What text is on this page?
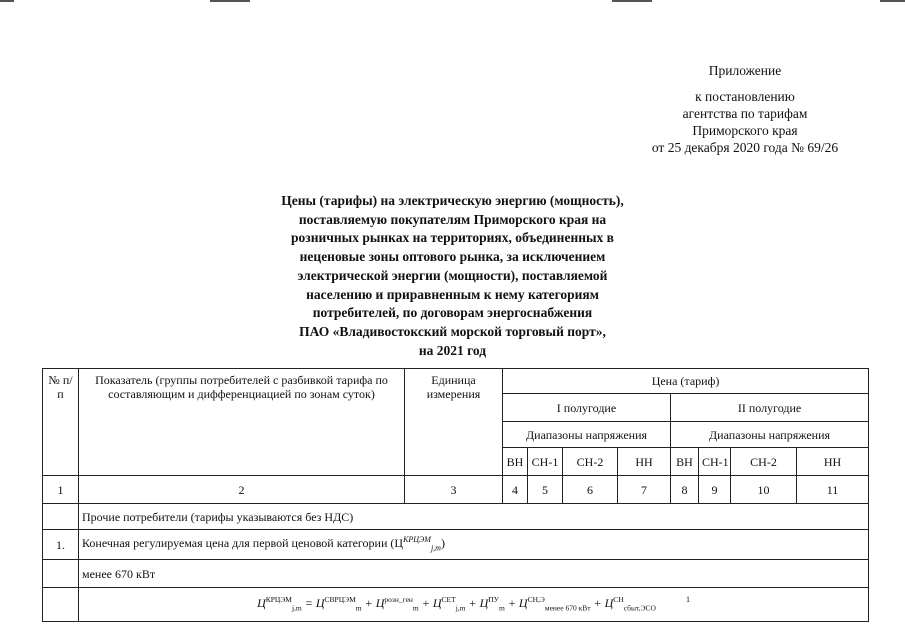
Приложение
к постановлению
агентства по тарифам
Приморского края
от 25 декабря 2020 года № 69/26
Цены (тарифы) на электрическую энергию (мощность),
поставляемую покупателям Приморского края на
розничных рынках на территориях, объединенных в
неценовые зоны оптового рынка, за исключением
электрической энергии (мощности), поставляемой
населению и приравненным к нему категориям
потребителей, по договорам энергоснабжения
ПАО «Владивостокский морской торговый порт»,
на 2021 год
№ п/п	Показатель (группы потребителей с разбивкой тарифа по составляющим и дифференциацией по зонам суток)	Единица измерения	Цена (тариф)							
			I полугодие				II полугодие			
			Диапазоны напряжения				Диапазоны напряжения			
			ВН	СН-1	СН-2	НН	ВН	СН-1	СН-2	НН
1	2	3	4	5	6	7	8	9	10	11
	Прочие потребители (тарифы указываются без НДС)									
1.	Конечная регулируемая цена для первой ценовой категории $(Ц^{КРЦЭМ}_{j,m})$									
	менее 670 кВт									
	$Ц^{КРЦЭМ}_{j,m} = Ц^{СВРЦЭМ}_m + Ц^{розн\_ген}_m + Ц^{СЕТ}_{j,m} + Ц^{ПУ}_m + Ц^{СН,Э}_{менее 670 кВт} + Ц^{СН}_{сбыт,ЭСО}^1$
